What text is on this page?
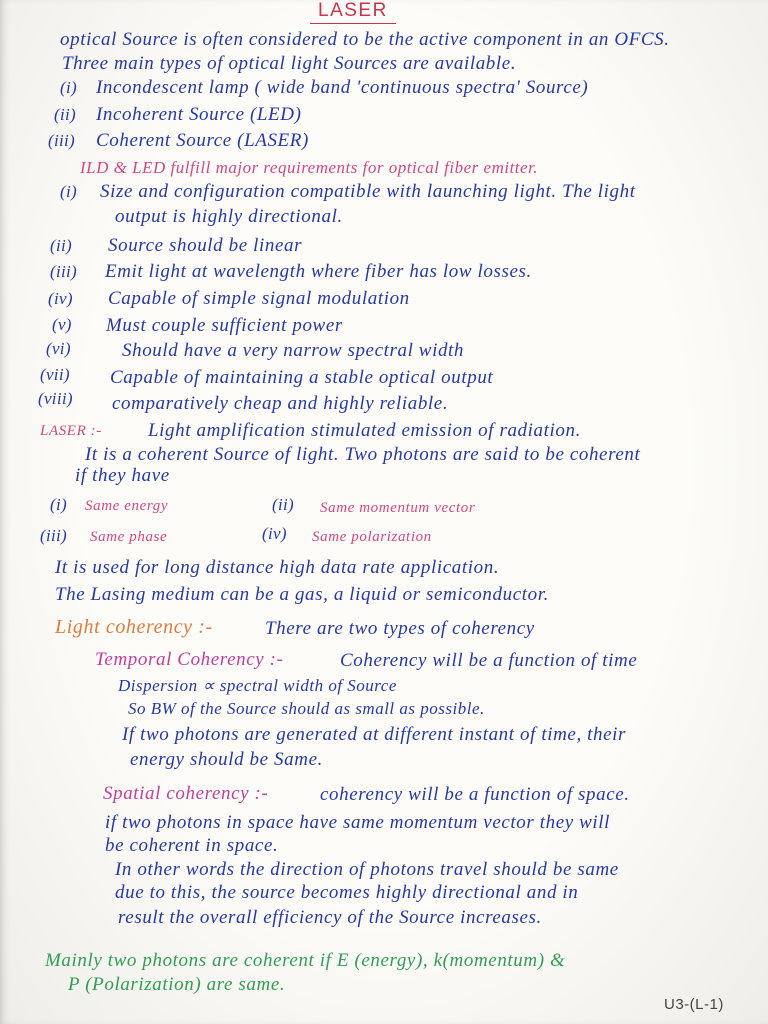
LASER
optical Source is often considered to be the active component in an OFCS.
Three main types of optical light Sources are available.
(i) Incondescent lamp ( wide band 'continuous spectra' Source)
(ii) Incoherent Source (LED)
(iii) Coherent Source (LASER)
ILD & LED fulfill major requirements for optical fiber emitter.
(i) Size and configuration compatible with launching light. The light
output is highly directional.
(ii) Source should be linear
(iii) Emit light at wavelength where fiber has low losses.
(iv) Capable of simple signal modulation
(v) Must couple sufficient power
(vi)	Should have a very narrow spectral width
(vii) Capable of maintaining a stable optical output
(viii) comparatively cheap and highly reliable.
LASER :- Light amplification stimulated emission of radiation.
It is a coherent Source of light. Two photons are said to be coherent
if they have
(i) Same energy	(ii) Same momentum vector
(iii) Same phase	(iv) Same polarization
It is used for long distance high data rate application.
The Lasing medium can be a gas, a liquid or semiconductor.
Light coherency :-	There are two types of coherency
Temporal Coherency :-	Coherency will be a function of time
Dispersion ∝ spectral width of Source
So BW of the Source should as small as possible.
If two photons are generated at different instant of time, their
energy should be Same.
Spatial coherency :-	coherency will be a function of space.
if two photons in space have same momentum vector they will
be coherent in space.
In other words the direction of photons travel should be same
due to this, the source becomes highly directional and in
result the overall efficiency of the Source increases.
Mainly two photons are coherent if E (energy), k(momentum) &
P (Polarization) are same.
U3-(L-1)
